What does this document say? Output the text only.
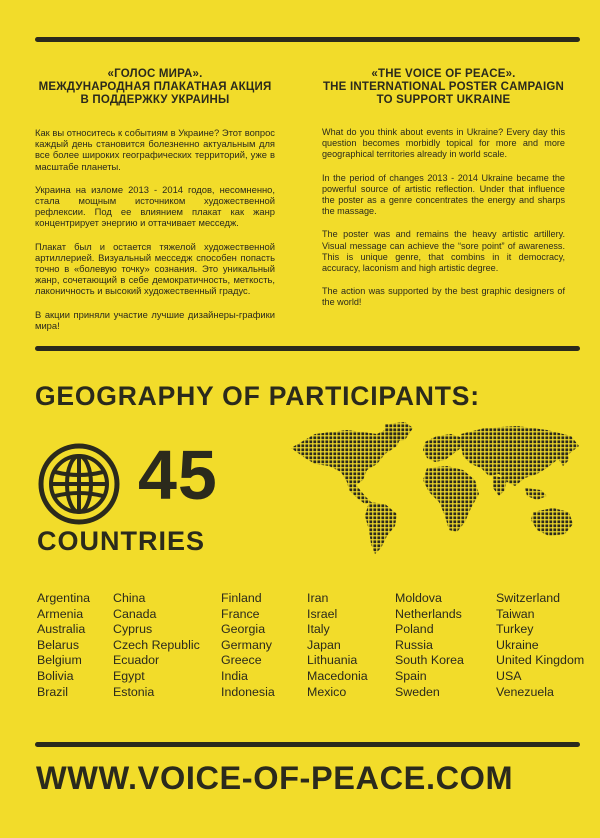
«ГОЛОС МИРА».
МЕЖДУНАРОДНАЯ ПЛАКАТНАЯ АКЦИЯ
В ПОДДЕРЖКУ УКРАИНЫ

Как вы относитесь к событиям в Украине? Этот вопрос каждый день становится болезненно актуальным для все более широких географических территорий, уже в масштабе планеты.

Украина на изломе 2013 - 2014 годов, несомненно, стала мощным источником художественной рефлексии. Под ее влиянием плакат как жанр концентрирует энергию и оттачивает месседж.

Плакат был и остается тяжелой художественной артиллерией. Визуальный месседж способен попасть точно в «болевую точку» сознания. Это уникальный жанр, сочетающий в себе демократичность, меткость, лаконичность и высокий художественный градус.

В акции приняли участие лучшие дизайнеры-графики мира!

«THE VOICE OF PEACE».
THE INTERNATIONAL POSTER CAMPAIGN
TO SUPPORT UKRAINE

What do you think about events in Ukraine? Every day this question becomes morbidly topical for more and more geographical territories already in world scale.

In the period of changes 2013 - 2014 Ukraine became the powerful source of artistic reflection. Under that influence the poster as a genre concentrates the energy and sharps the massage.

The poster was and remains the heavy artistic artillery. Visual message can achieve the “sore point” of awareness. This is unique genre, that combins in it democracy, accuracy, laconism and high artistic degree.

The action was supported by the best graphic designers of the world!

GEOGRAPHY OF PARTICIPANTS:
45
COUNTRIES
Argentina
Armenia
Australia
Belarus
Belgium
Bolivia
Brazil
China
Canada
Cyprus
Czech Republic
Ecuador
Egypt
Estonia
Finland
France
Georgia
Germany
Greece
India
Indonesia
Iran
Israel
Italy
Japan
Lithuania
Macedonia
Mexico
Moldova
Netherlands
Poland
Russia
South Korea
Spain
Sweden
Switzerland
Taiwan
Turkey
Ukraine
United Kingdom
USA
Venezuela
WWW.VOICE-OF-PEACE.COM
